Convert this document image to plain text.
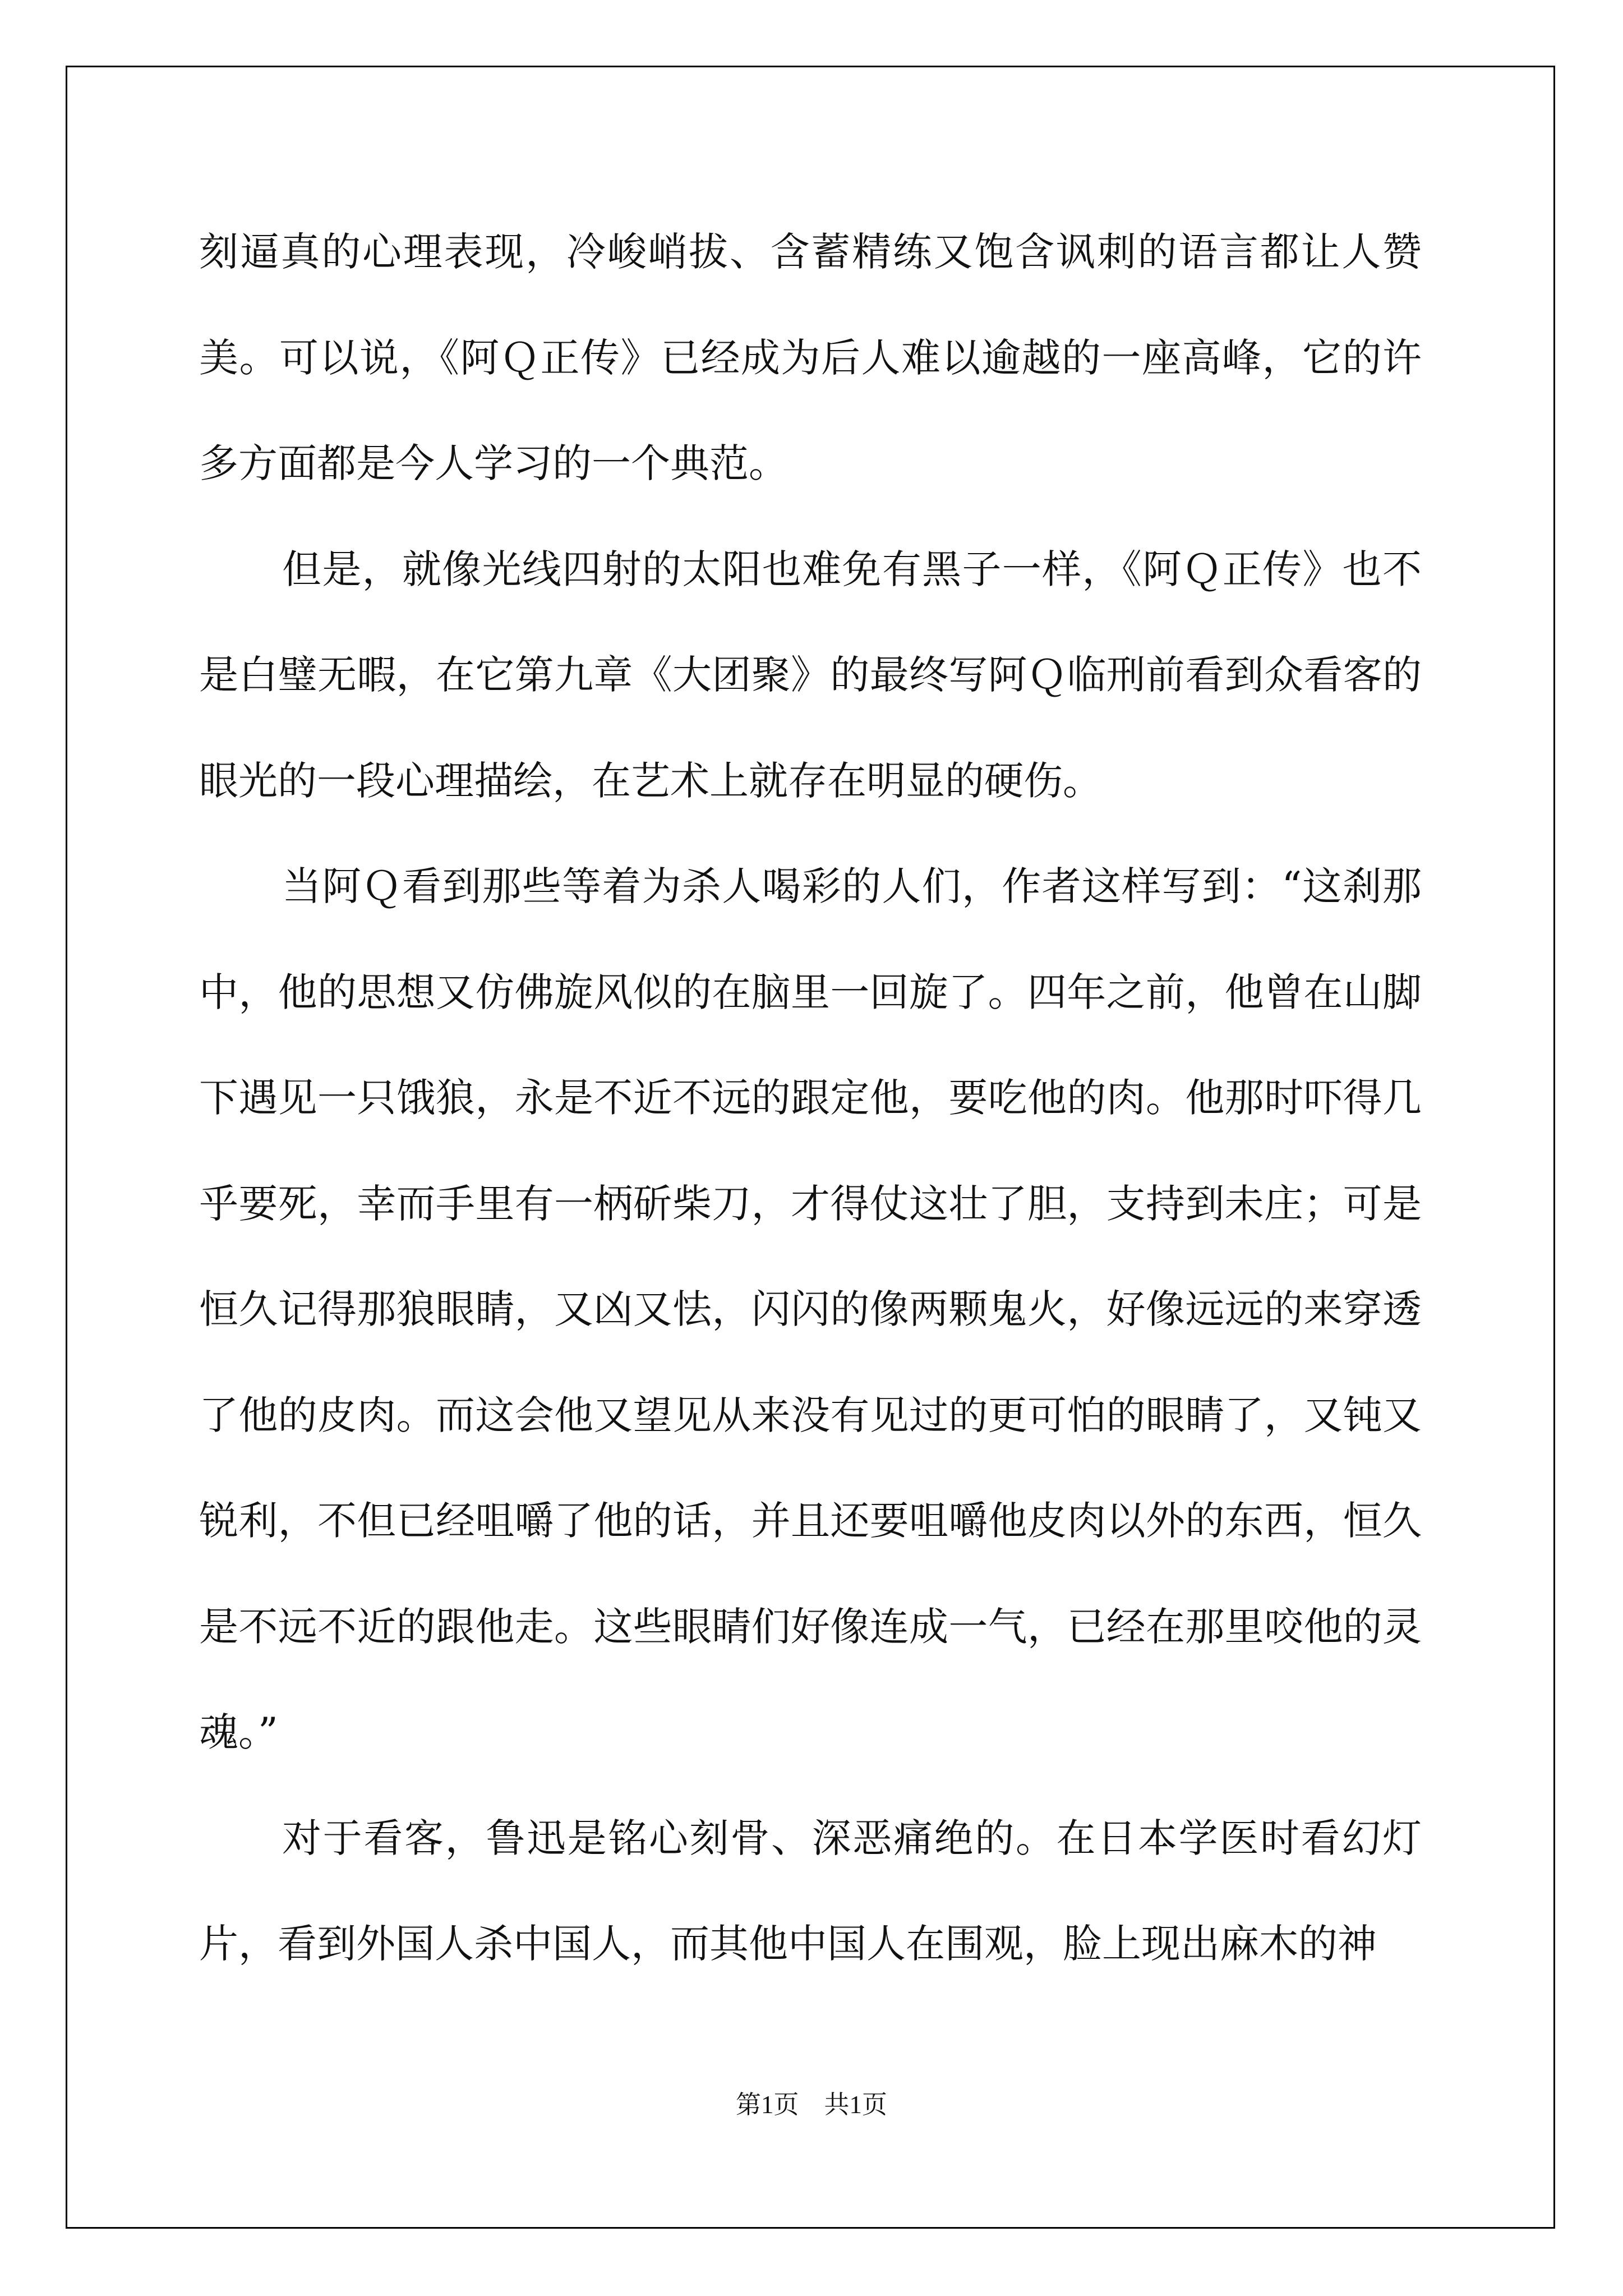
刻逼真的心理表现，冷峻峭拔、含蓄精练又饱含讽刺的语言都让人赞美。可以说，《阿Ｑ正传》已经成为后人难以逾越的一座高峰，它的许多方面都是今人学习的一个典范。

但是，就像光线四射的太阳也难免有黑子一样，《阿Ｑ正传》也不是白璧无暇，在它第九章《大团聚》的最终写阿Ｑ临刑前看到众看客的眼光的一段心理描绘，在艺术上就存在明显的硬伤。

当阿Ｑ看到那些等着为杀人喝彩的人们，作者这样写到：“这刹那中，他的思想又仿佛旋风似的在脑里一回旋了。四年之前，他曾在山脚下遇见一只饿狼，永是不近不远的跟定他，要吃他的肉。他那时吓得几乎要死，幸而手里有一柄斫柴刀，才得仗这壮了胆，支持到未庄；可是恒久记得那狼眼睛，又凶又怯，闪闪的像两颗鬼火，好像远远的来穿透了他的皮肉。而这会他又望见从来没有见过的更可怕的眼睛了，又钝又锐利，不但已经咀嚼了他的话，并且还要咀嚼他皮肉以外的东西，恒久是不远不近的跟他走。这些眼睛们好像连成一气，已经在那里咬他的灵魂。”

对于看客，鲁迅是铭心刻骨、深恶痛绝的。在日本学医时看幻灯片，看到外国人杀中国人，而其他中国人在围观，脸上现出麻木的神

第1页 共1页
